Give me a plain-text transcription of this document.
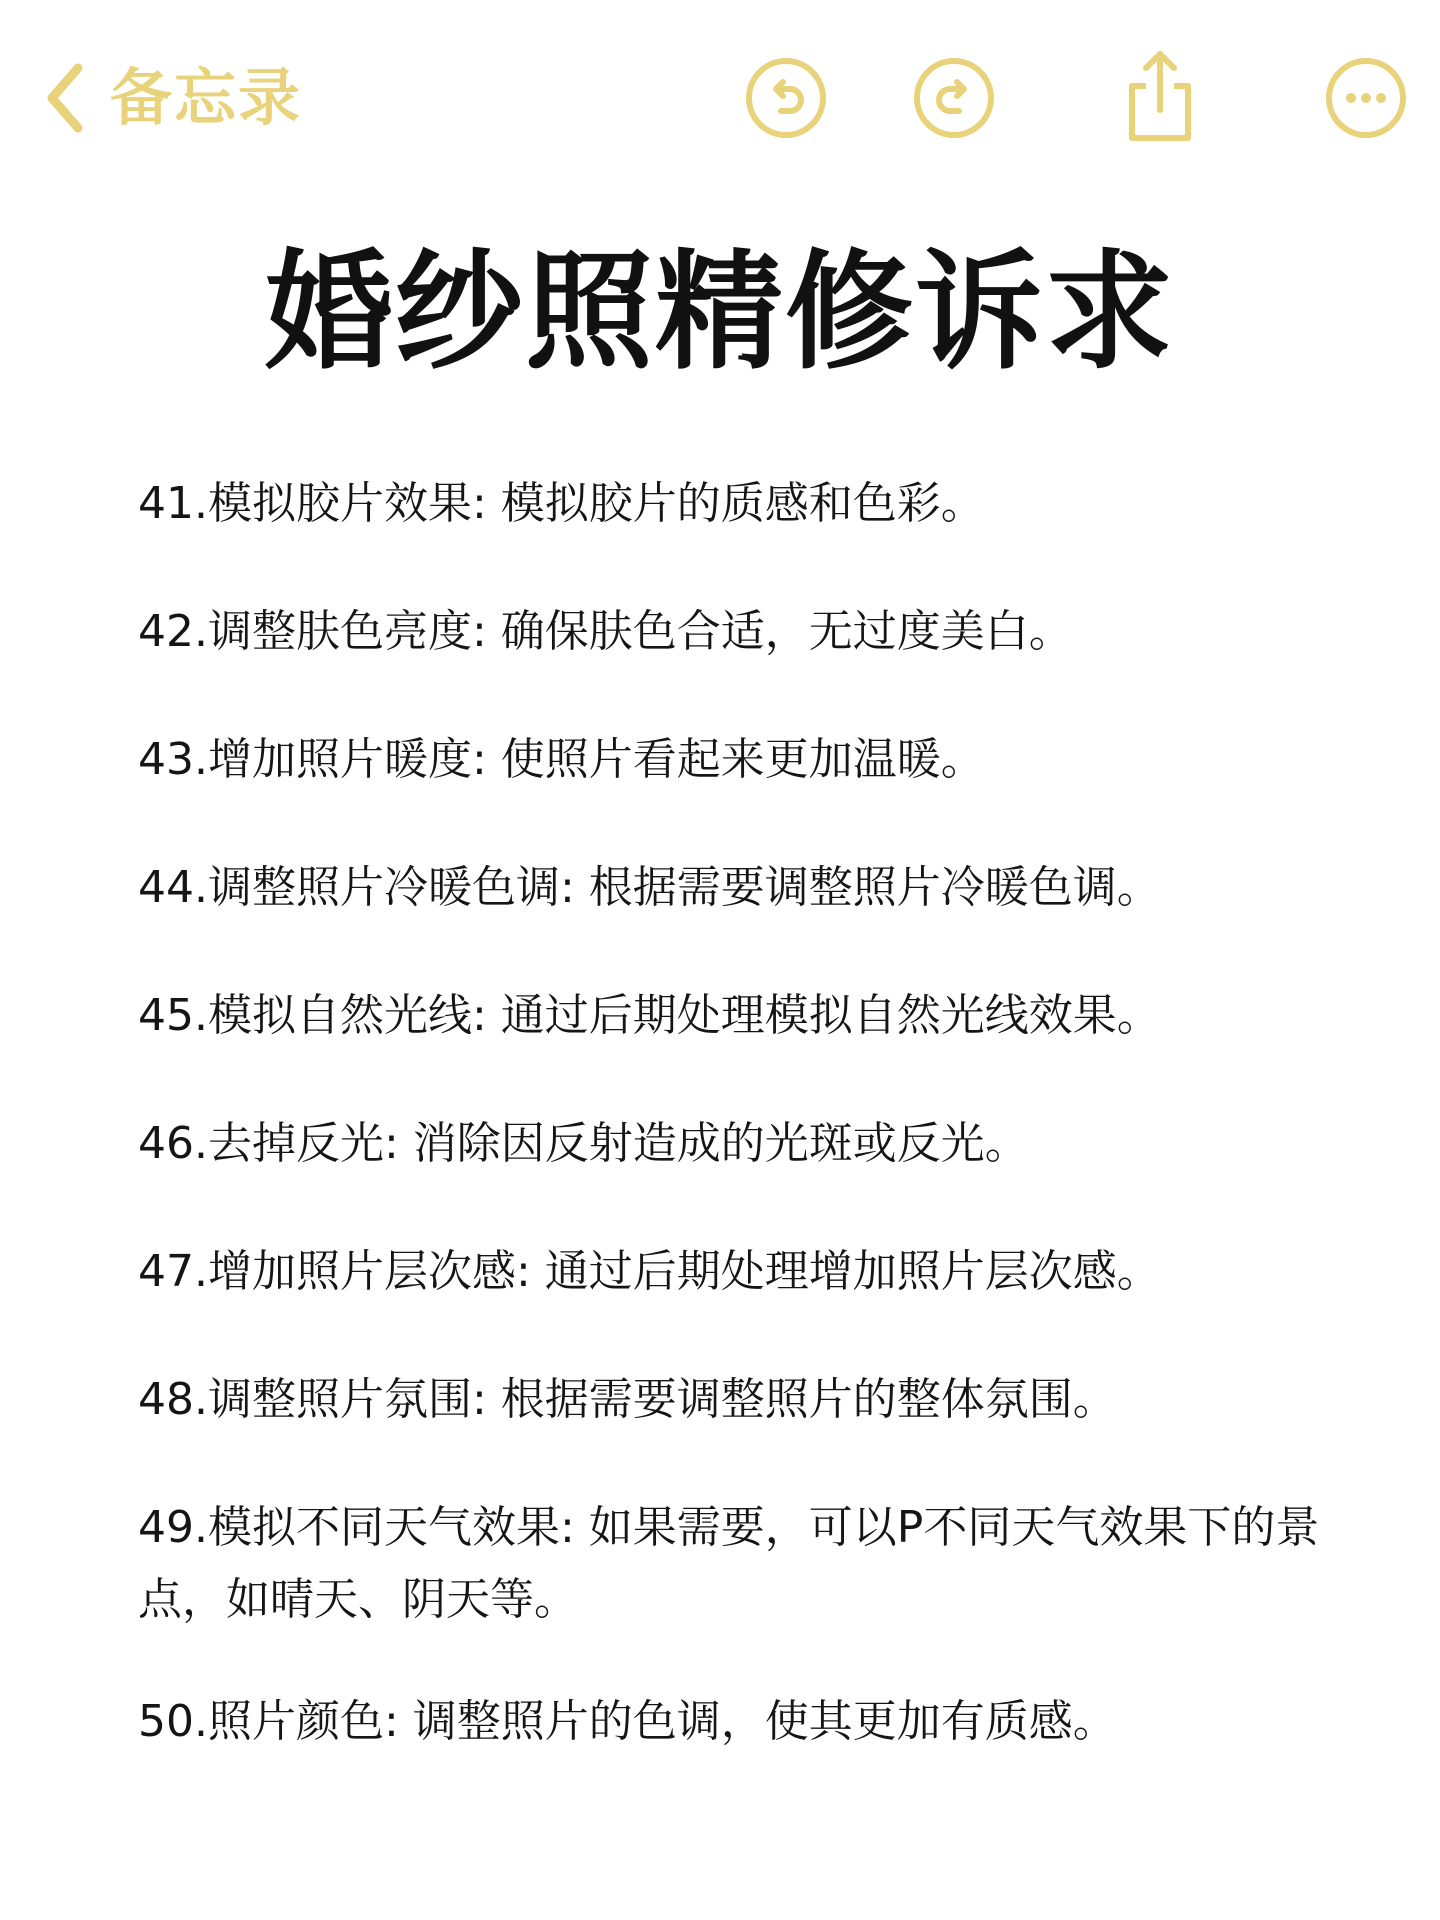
备忘录
婚纱照精修诉求

41.模拟胶片效果: 模拟胶片的质感和色彩。

42.调整肤色亮度: 确保肤色合适，无过度美白。

43.增加照片暖度: 使照片看起来更加温暖。

44.调整照片冷暖色调: 根据需要调整照片冷暖色调。

45.模拟自然光线: 通过后期处理模拟自然光线效果。

46.去掉反光: 消除因反射造成的光斑或反光。

47.增加照片层次感: 通过后期处理增加照片层次感。

48.调整照片氛围: 根据需要调整照片的整体氛围。

49.模拟不同天气效果: 如果需要，可以P不同天气效果下的景点，如晴天、阴天等。

50.照片颜色: 调整照片的色调，使其更加有质感。
